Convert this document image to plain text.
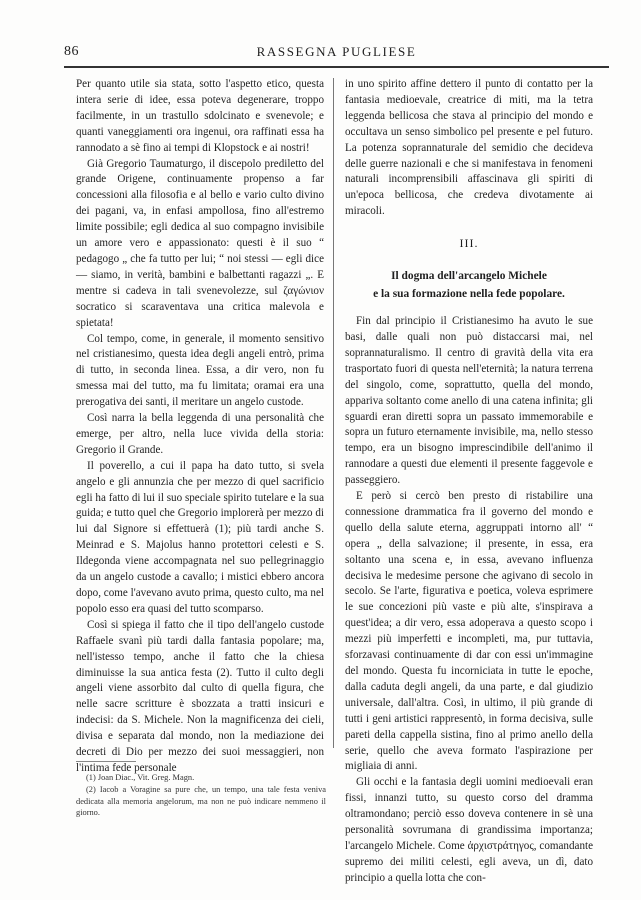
86	RASSEGNA PUGLIESE

Per quanto utile sia stata, sotto l'aspetto etico, questa intera serie di idee, essa poteva degenerare, troppo facilmente, in un trastullo sdolcinato e svenevole; e quanti vaneggiamenti ora ingenui, ora raffinati essa ha rannodato a sè fino ai tempi di Klopstock e ai nostri!

Già Gregorio Taumaturgo, il discepolo prediletto del grande Origene, continuamente propenso a far concessioni alla filosofia e al bello e vario culto divino dei pagani, va, in enfasi ampollosa, fino all'estremo limite possibile; egli dedica al suo compagno invisibile un amore vero e appassionato: questi è il suo “ pedagogo „ che fa tutto per lui; “ noi stessi — egli dice — siamo, in verità, bambini e balbettanti ragazzi „. E mentre si cadeva in tali svenevolezze, sul ζαγώνιον socratico si scaraventava una critica malevola e spietata!

Col tempo, come, in generale, il momento sensitivo nel cristianesimo, questa idea degli angeli entrò, prima di tutto, in seconda linea. Essa, a dir vero, non fu smessa mai del tutto, ma fu limitata; oramai era una prerogativa dei santi, il meritare un angelo custode.

Così narra la bella leggenda di una personalità che emerge, per altro, nella luce vivida della storia: Gregorio il Grande.

Il poverello, a cui il papa ha dato tutto, si svela angelo e gli annunzia che per mezzo di quel sacrificio egli ha fatto di lui il suo speciale spirito tutelare e la sua guida; e tutto quel che Gregorio implorerà per mezzo di lui dal Signore si effettuerà (1); più tardi anche S. Meinrad e S. Majolus hanno protettori celesti e S. Ildegonda viene accompagnata nel suo pellegrinaggio da un angelo custode a cavallo; i mistici ebbero ancora dopo, come l'avevano avuto prima, questo culto, ma nel popolo esso era quasi del tutto scomparso.

Così si spiega il fatto che il tipo dell'angelo custode Raffaele svanì più tardi dalla fantasia popolare; ma, nell'istesso tempo, anche il fatto che la chiesa diminuisse la sua antica festa (2). Tutto il culto degli angeli viene assorbito dal culto di quella figura, che nelle sacre scritture è sbozzata a tratti insicuri e indecisi: da S. Michele. Non la magnificenza dei cieli, divisa e separata dal mondo, non la mediazione dei decreti di Dio per mezzo dei suoi messaggieri, non l'intima fede personale

in uno spirito affine dettero il punto di contatto per la fantasia medioevale, creatrice di miti, ma la tetra leggenda bellicosa che stava al principio del mondo e occultava un senso simbolico pel presente e pel futuro. La potenza soprannaturale del semidio che decideva delle guerre nazionali e che si manifestava in fenomeni naturali incomprensibili affascinava gli spiriti di un'epoca bellicosa, che credeva divotamente ai miracoli.

III.
Il dogma dell'arcangelo Michele
e la sua formazione nella fede popolare.

Fin dal principio il Cristianesimo ha avuto le sue basi, dalle quali non può distaccarsi mai, nel soprannaturalismo. Il centro di gravità della vita era trasportato fuori di questa nell'eternità; la natura terrena del singolo, come, soprattutto, quella del mondo, appariva soltanto come anello di una catena infinita; gli sguardi eran diretti sopra un passato immemorabile e sopra un futuro eternamente invisibile, ma, nello stesso tempo, era un bisogno imprescindibile dell'animo il rannodare a questi due elementi il presente faggevole e passeggiero.

E però si cercò ben presto di ristabilire una connessione drammatica fra il governo del mondo e quello della salute eterna, aggruppati intorno all' “ opera „ della salvazione; il presente, in essa, era soltanto una scena e, in essa, avevano influenza decisiva le medesime persone che agivano di secolo in secolo. Se l'arte, figurativa e poetica, voleva esprimere le sue concezioni più vaste e più alte, s'inspirava a quest'idea; a dir vero, essa adoperava a questo scopo i mezzi più imperfetti e incompleti, ma, pur tuttavia, sforzavasi continuamente di dar con essi un'immagine del mondo. Questa fu incorniciata in tutte le epoche, dalla caduta degli angeli, da una parte, e dal giudizio universale, dall'altra. Così, in ultimo, il più grande di tutti i geni artistici rappresentò, in forma decisiva, sulle pareti della cappella sistina, fino al primo anello della serie, quello che aveva formato l'aspirazione per migliaia di anni.

Gli occhi e la fantasia degli uomini medioevali eran fissi, innanzi tutto, su questo corso del dramma oltramondano; perciò esso doveva contenere in sè una personalità sovrumana di grandissima importanza; l'arcangelo Michele. Come ἀρχιστράτηγος, comandante supremo dei militi celesti, egli aveva, un dì, dato principio a quella lotta che con-

(1) Joan Diac., Vit. Greg. Magn.
(2) Iacob a Voragine sa pure che, un tempo, una tale festa veniva dedicata alla memoria angelorum, ma non ne può indicare nemmeno il giorno.
